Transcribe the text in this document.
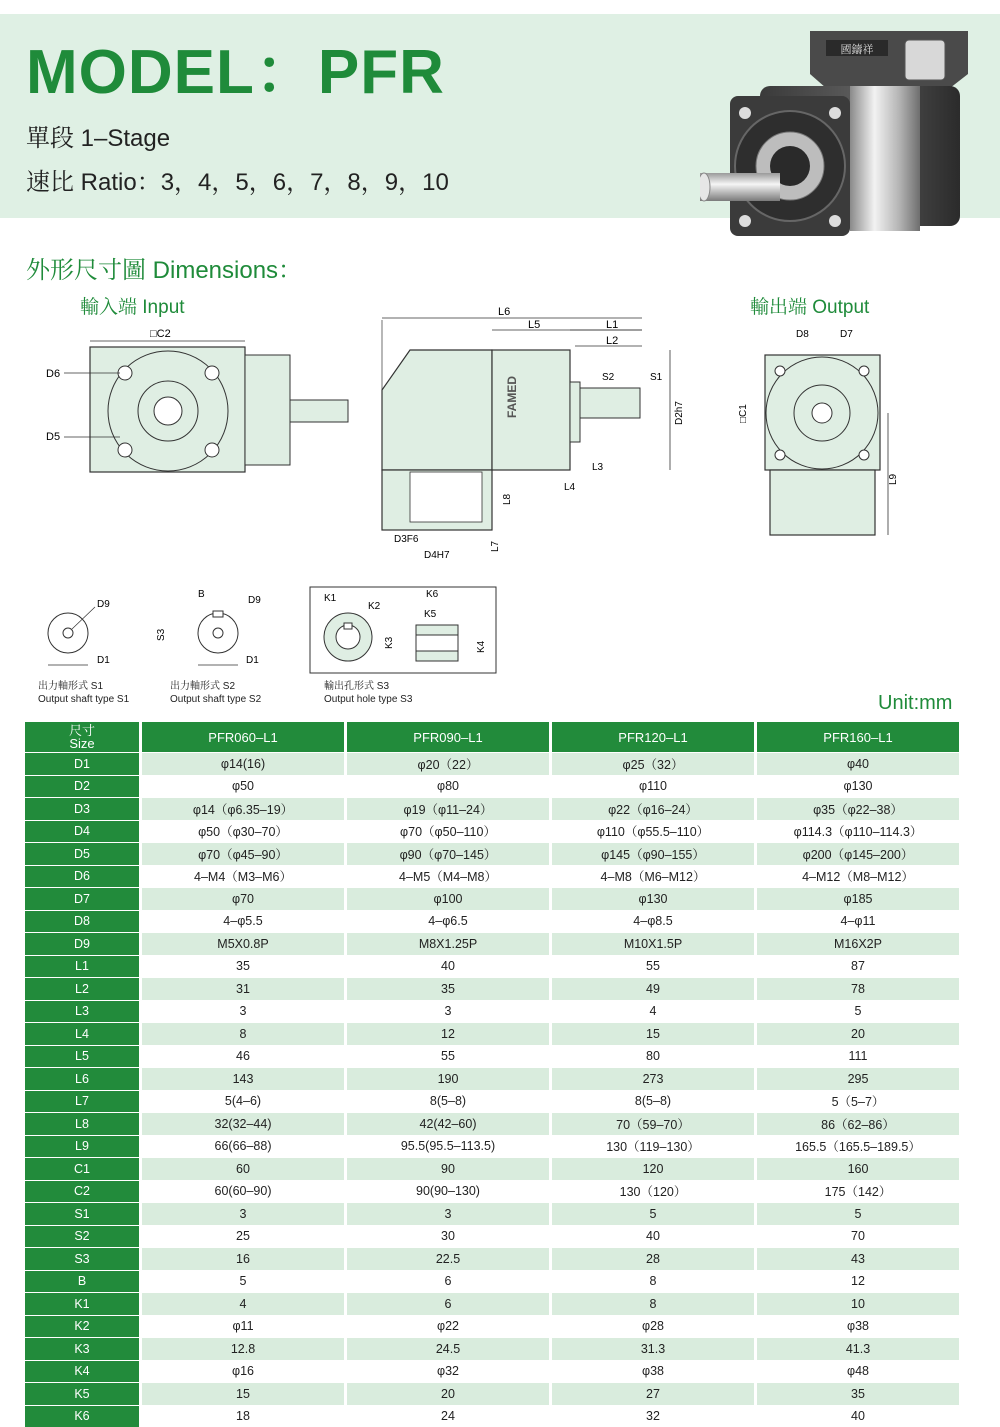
MODEL：PFR
單段 1–Stage
速比 Ratio：3，4，5，6，7，8，9，10
國鑄祥
外形尺寸圖 Dimensions：
輸入端 Input	輸出端 Output
□C2
D6
D5
L6
L5	L1
L2
FAMED	S2	S1
D2h7
L3
L4
L8
L7
D3F6
D4H7
D8	D7
□C1
L9
D9
D1
出力軸形式 S1
Output shaft type S1
B
D9
S3
D1
出力軸形式 S2
Output shaft type S2
K1
K2
K6
K5
K3	K4
輸出孔形式 S3
Output hole type S3	Unit:mm
尺寸
Size	PFR060–L1	PFR090–L1	PFR120–L1	PFR160–L1
D1	φ14(16)	φ20（22）	φ25（32）	φ40
D2	φ50	φ80	φ110	φ130
D3	φ14（φ6.35–19）	φ19（φ11–24）	φ22（φ16–24）	φ35（φ22–38）
D4	φ50（φ30–70）	φ70（φ50–110）	φ110（φ55.5–110）	φ114.3（φ110–114.3）
D5	φ70（φ45–90）	φ90（φ70–145）	φ145（φ90–155）	φ200（φ145–200）
D6	4–M4（M3–M6）	4–M5（M4–M8）	4–M8（M6–M12）	4–M12（M8–M12）
D7	φ70	φ100	φ130	φ185
D8	4–φ5.5	4–φ6.5	4–φ8.5	4–φ11
D9	M5X0.8P	M8X1.25P	M10X1.5P	M16X2P
L1	35	40	55	87
L2	31	35	49	78
L3	3	3	4	5
L4	8	12	15	20
L5	46	55	80	111
L6	143	190	273	295
L7	5(4–6)	8(5–8)	8(5–8)	5（5–7）
L8	32(32–44)	42(42–60)	70（59–70）	86（62–86）
L9	66(66–88)	95.5(95.5–113.5)	130（119–130）	165.5（165.5–189.5）
C1	60	90	120	160
C2	60(60–90)	90(90–130)	130（120）	175（142）
S1	3	3	5	5
S2	25	30	40	70
S3	16	22.5	28	43
B	5	6	8	12
K1	4	6	8	10
K2	φ11	φ22	φ28	φ38
K3	12.8	24.5	31.3	41.3
K4	φ16	φ32	φ38	φ48
K5	15	20	27	35
K6	18	24	32	40
